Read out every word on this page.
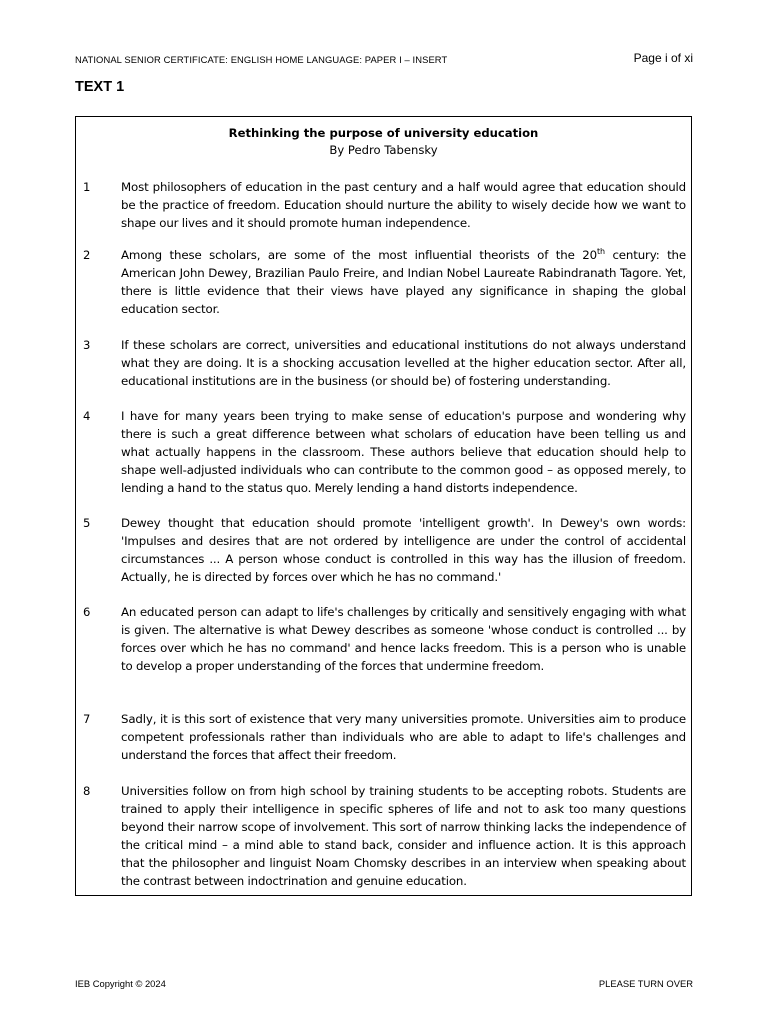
NATIONAL SENIOR CERTIFICATE: ENGLISH HOME LANGUAGE: PAPER I – INSERT	Page i of xi
TEXT 1
Rethinking the purpose of university education
By Pedro Tabensky
1	Most philosophers of education in the past century and a half would agree that education should be the practice of freedom. Education should nurture the ability to wisely decide how we want to shape our lives and it should promote human independence.
2	Among these scholars, are some of the most influential theorists of the 20th century: the American John Dewey, Brazilian Paulo Freire, and Indian Nobel Laureate Rabindranath Tagore. Yet, there is little evidence that their views have played any significance in shaping the global education sector.
3	If these scholars are correct, universities and educational institutions do not always understand what they are doing. It is a shocking accusation levelled at the higher education sector. After all, educational institutions are in the business (or should be) of fostering understanding.
4	I have for many years been trying to make sense of education's purpose and wondering why there is such a great difference between what scholars of education have been telling us and what actually happens in the classroom. These authors believe that education should help to shape well-adjusted individuals who can contribute to the common good – as opposed merely, to lending a hand to the status quo. Merely lending a hand distorts independence.
5	Dewey thought that education should promote 'intelligent growth'. In Dewey's own words: 'Impulses and desires that are not ordered by intelligence are under the control of accidental circumstances ... A person whose conduct is controlled in this way has the illusion of freedom. Actually, he is directed by forces over which he has no command.'
6	An educated person can adapt to life's challenges by critically and sensitively engaging with what is given. The alternative is what Dewey describes as someone 'whose conduct is controlled ... by forces over which he has no command' and hence lacks freedom. This is a person who is unable to develop a proper understanding of the forces that undermine freedom.
7	Sadly, it is this sort of existence that very many universities promote. Universities aim to produce competent professionals rather than individuals who are able to adapt to life's challenges and understand the forces that affect their freedom.
8	Universities follow on from high school by training students to be accepting robots. Students are trained to apply their intelligence in specific spheres of life and not to ask too many questions beyond their narrow scope of involvement. This sort of narrow thinking lacks the independence of the critical mind – a mind able to stand back, consider and influence action. It is this approach that the philosopher and linguist Noam Chomsky describes in an interview when speaking about the contrast between indoctrination and genuine education.
IEB Copyright © 2024	PLEASE TURN OVER
